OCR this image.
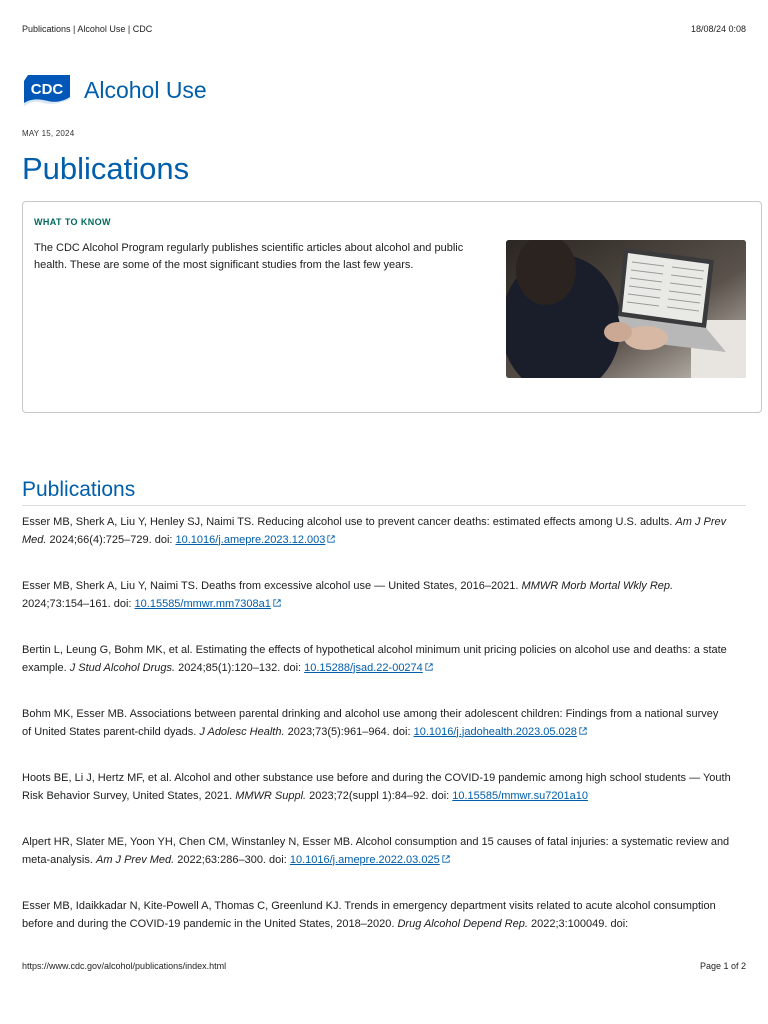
Publications | Alcohol Use | CDC	18/08/24 0:08
CDC Alcohol Use
MAY 15, 2024
Publications
WHAT TO KNOW

The CDC Alcohol Program regularly publishes scientific articles about alcohol and public health. These are some of the most significant studies from the last few years.

Publications
Esser MB, Sherk A, Liu Y, Henley SJ, Naimi TS. Reducing alcohol use to prevent cancer deaths: estimated effects among U.S. adults. Am J Prev
Med. 2024;66(4):725–729. doi: 10.1016/j.amepre.2023.12.003
Esser MB, Sherk A, Liu Y, Naimi TS. Deaths from excessive alcohol use — United States, 2016–2021. MMWR Morb Mortal Wkly Rep.
2024;73:154–161. doi: 10.15585/mmwr.mm7308a1
Bertin L, Leung G, Bohm MK, et al. Estimating the effects of hypothetical alcohol minimum unit pricing policies on alcohol use and deaths: a state
example. J Stud Alcohol Drugs. 2024;85(1):120–132. doi: 10.15288/jsad.22-00274
Bohm MK, Esser MB. Associations between parental drinking and alcohol use among their adolescent children: Findings from a national survey
of United States parent-child dyads. J Adolesc Health. 2023;73(5):961–964. doi: 10.1016/j.jadohealth.2023.05.028
Hoots BE, Li J, Hertz MF, et al. Alcohol and other substance use before and during the COVID-19 pandemic among high school students — Youth
Risk Behavior Survey, United States, 2021. MMWR Suppl. 2023;72(suppl 1):84–92. doi: 10.15585/mmwr.su7201a10
Alpert HR, Slater ME, Yoon YH, Chen CM, Winstanley N, Esser MB. Alcohol consumption and 15 causes of fatal injuries: a systematic review and
meta-analysis. Am J Prev Med. 2022;63:286–300. doi: 10.1016/j.amepre.2022.03.025
Esser MB, Idaikkadar N, Kite-Powell A, Thomas C, Greenlund KJ. Trends in emergency department visits related to acute alcohol consumption
before and during the COVID-19 pandemic in the United States, 2018–2020. Drug Alcohol Depend Rep. 2022;3:100049. doi:
https://www.cdc.gov/alcohol/publications/index.html	Page 1 of 2
